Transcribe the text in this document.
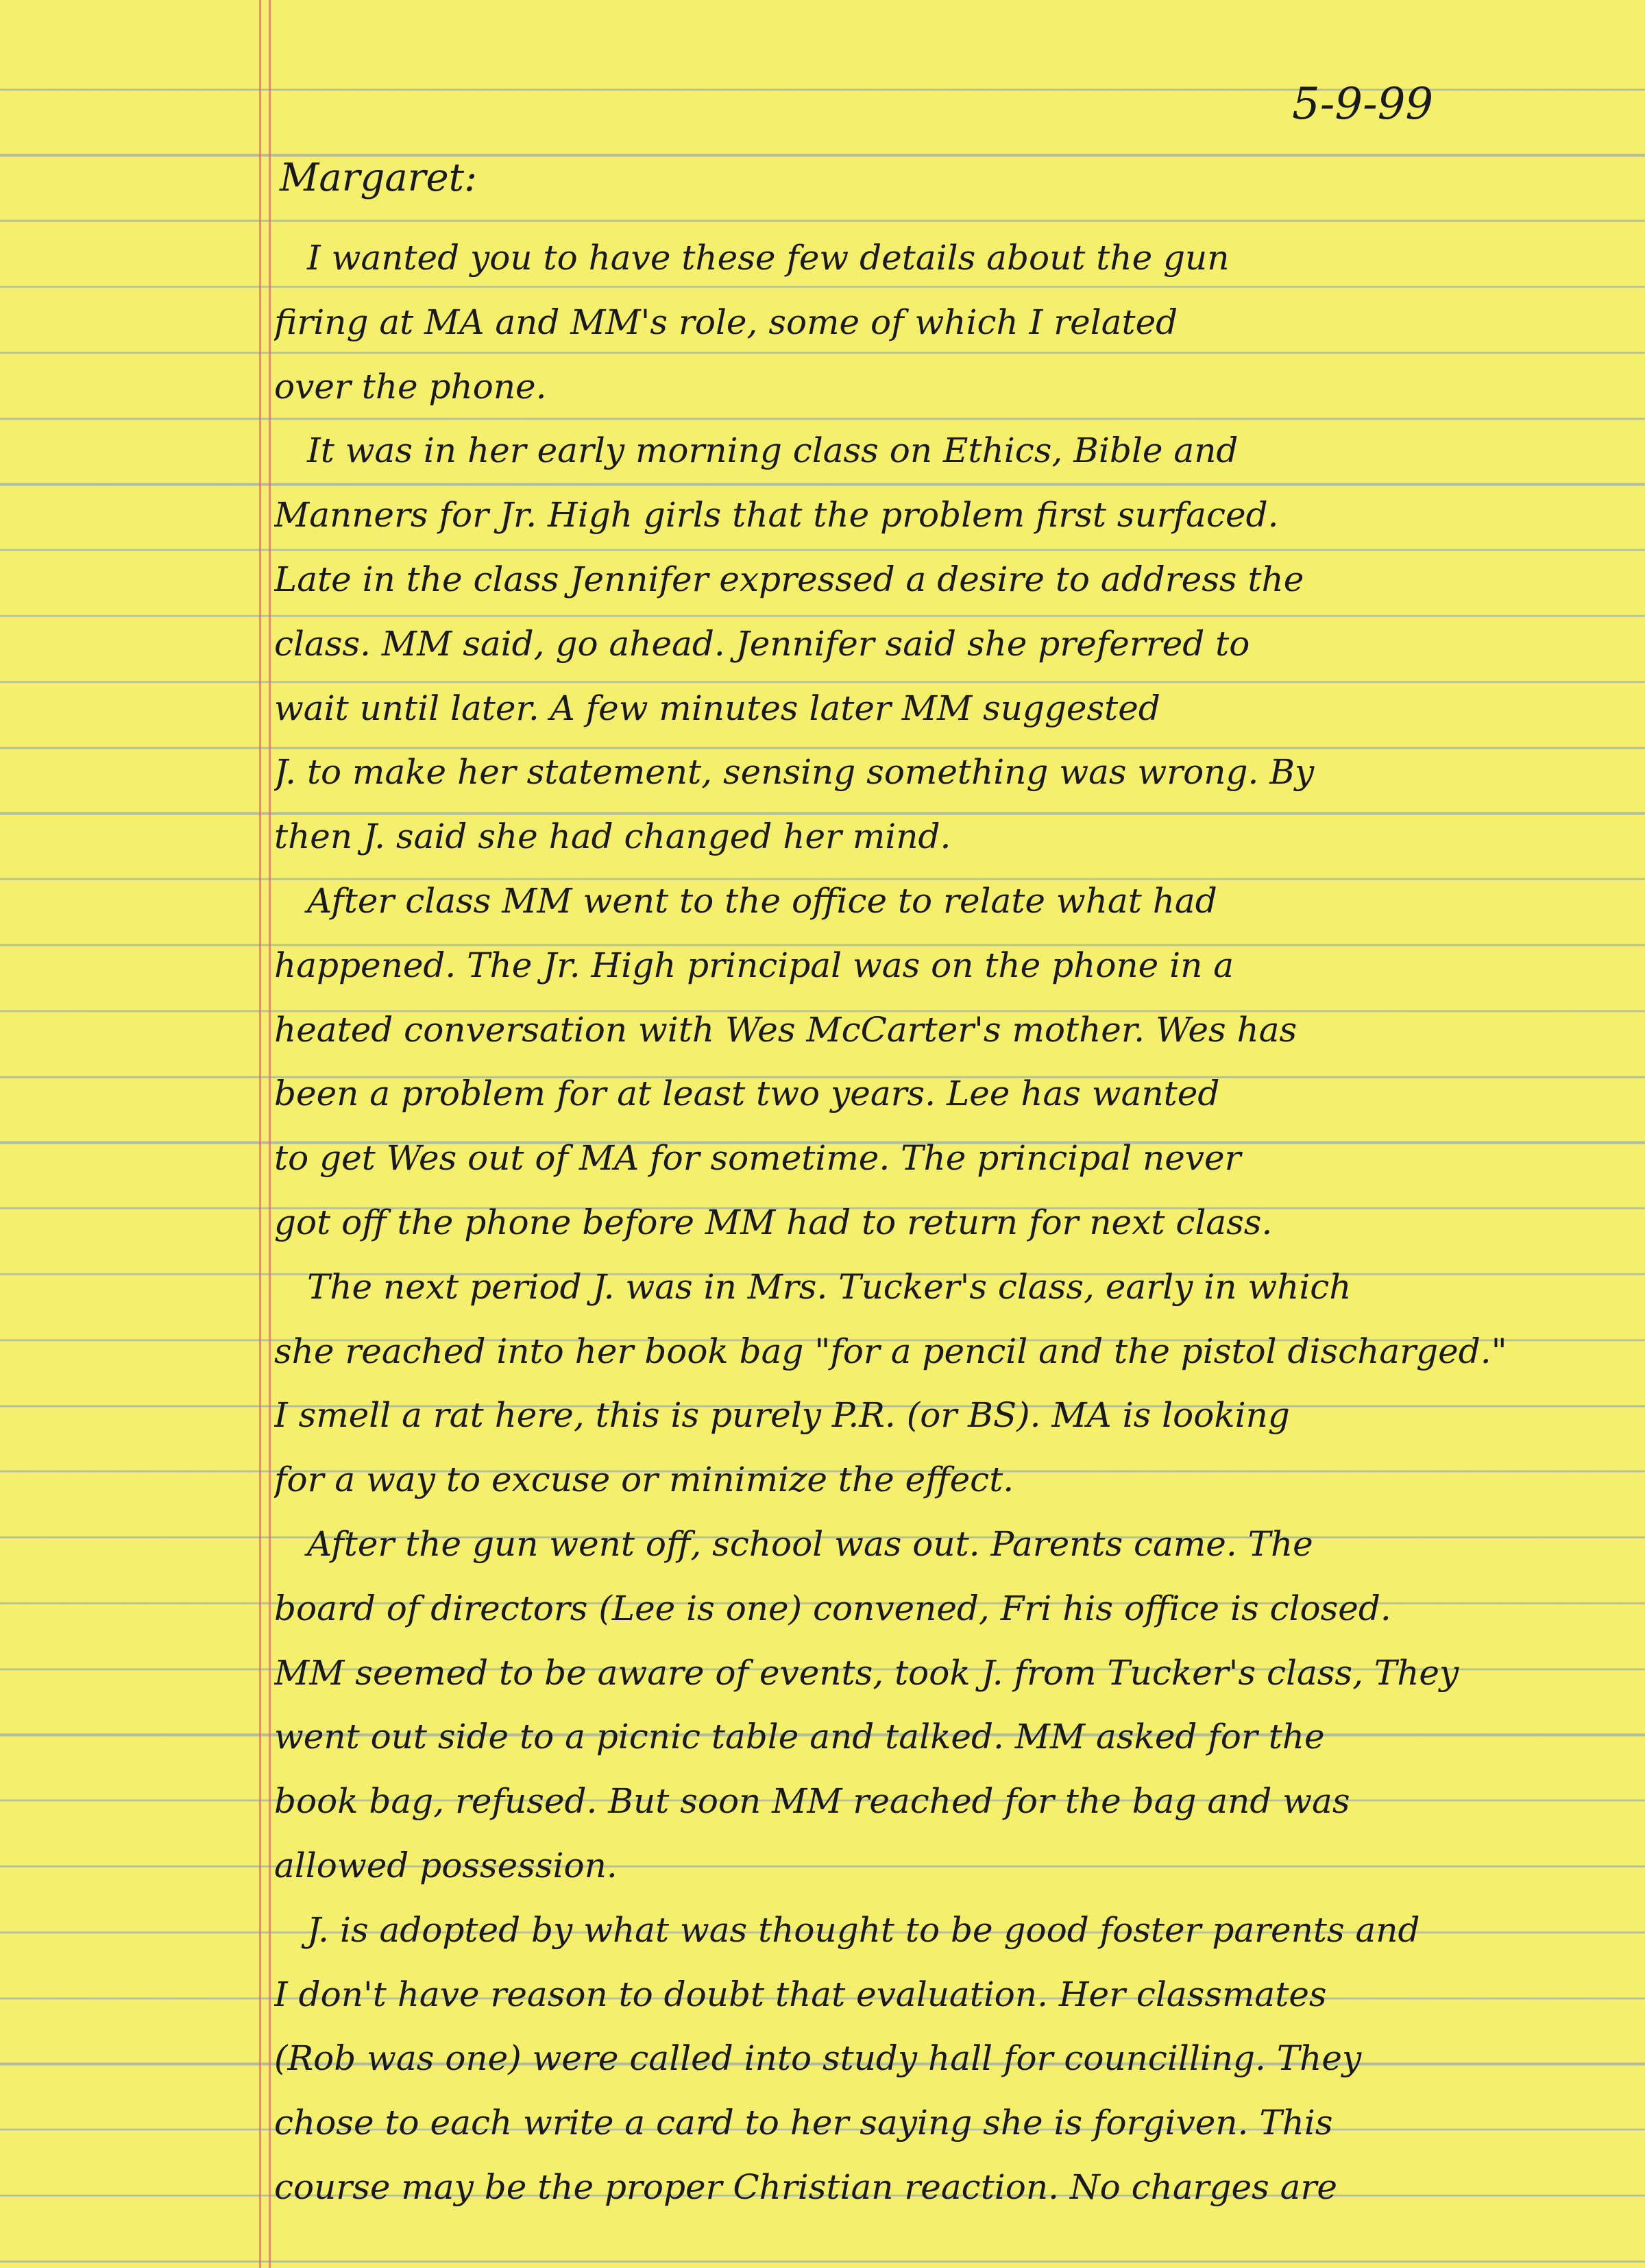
5-9-99
Margaret:
I wanted you to have these few details about the gun
firing at MA and MM's role, some of which I related
over the phone.
It was in her early morning class on Ethics, Bible and
Manners for Jr. High girls that the problem first surfaced.
Late in the class Jennifer expressed a desire to address the
class. MM said, go ahead. Jennifer said she preferred to
wait until later. A few minutes later MM suggested
J. to make her statement, sensing something was wrong. By
then J. said she had changed her mind.
After class MM went to the office to relate what had
happened. The Jr. High principal was on the phone in a
heated conversation with Wes McCarter's mother. Wes has
been a problem for at least two years. Lee has wanted
to get Wes out of MA for sometime. The principal never
got off the phone before MM had to return for next class.
The next period J. was in Mrs. Tucker's class, early in which
she reached into her book bag "for a pencil and the pistol discharged."
I smell a rat here, this is purely P.R. (or BS). MA is looking
for a way to excuse or minimize the effect.
After the gun went off, school was out. Parents came. The
board of directors (Lee is one) convened, Fri his office is closed.
MM seemed to be aware of events, took J. from Tucker's class, They
went out side to a picnic table and talked. MM asked for the
book bag, refused. But soon MM reached for the bag and was
allowed possession.
J. is adopted by what was thought to be good foster parents and
I don't have reason to doubt that evaluation. Her classmates
(Rob was one) were called into study hall for councilling. They
chose to each write a card to her saying she is forgiven. This
course may be the proper Christian reaction. No charges are
